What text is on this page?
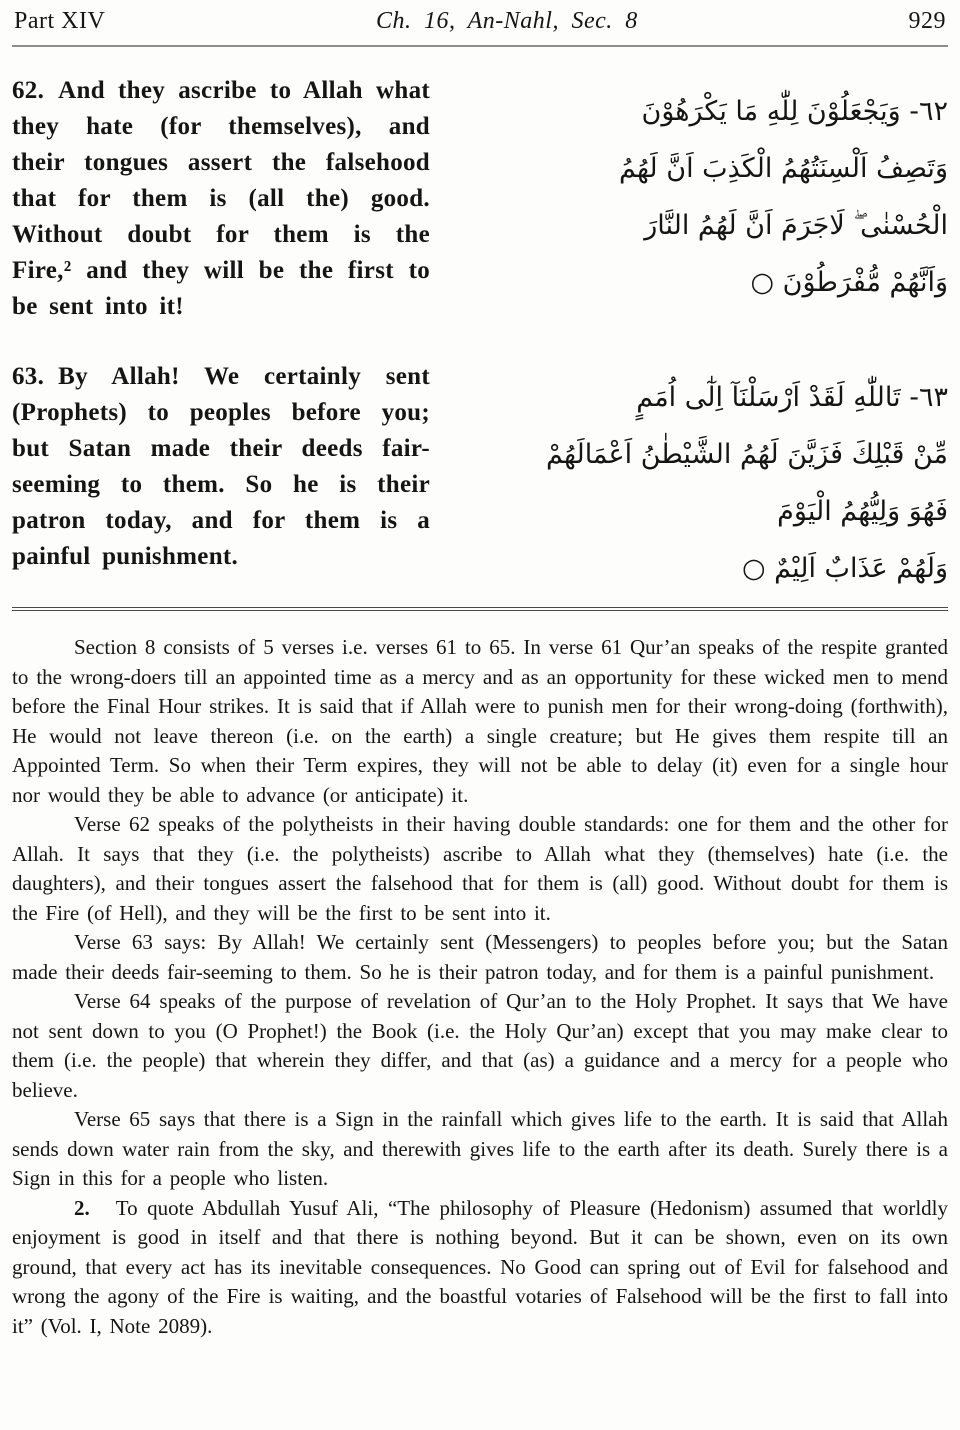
Part XIV	Ch. 16, An-Nahl, Sec. 8	929

62. And they ascribe to Allah what they hate (for themselves), and their tongues assert the falsehood that for them is (all the) good. Without doubt for them is the Fire,² and they will be the first to be sent into it!

٦٢- وَيَجْعَلُوْنَ لِلّٰهِ مَا يَكْرَهُوْنَ
وَتَصِفُ اَلْسِنَتُهُمُ الْكَذِبَ اَنَّ لَهُمُ
الْحُسْنٰى ۖ لَاجَرَمَ اَنَّ لَهُمُ النَّارَ
وَاَنَّهُمْ مُّفْرَطُوْنَ ○

63. By Allah! We certainly sent (Prophets) to peoples before you; but Satan made their deeds fair-seeming to them. So he is their patron today, and for them is a painful punishment.

٦٣- تَاللّٰهِ لَقَدْ اَرْسَلْنَآ اِلٰٓى اُمَمٍ
مِّنْ قَبْلِكَ فَزَيَّنَ لَهُمُ الشَّيْطٰنُ اَعْمَالَهُمْ
فَهُوَ وَلِيُّهُمُ الْيَوْمَ
وَلَهُمْ عَذَابٌ اَلِيْمٌ ○

Section 8 consists of 5 verses i.e. verses 61 to 65. In verse 61 Qur’an speaks of the respite granted to the wrong-doers till an appointed time as a mercy and as an opportunity for these wicked men to mend before the Final Hour strikes. It is said that if Allah were to punish men for their wrong-doing (forthwith), He would not leave thereon (i.e. on the earth) a single creature; but He gives them respite till an Appointed Term. So when their Term expires, they will not be able to delay (it) even for a single hour nor would they be able to advance (or anticipate) it.

Verse 62 speaks of the polytheists in their having double standards: one for them and the other for Allah. It says that they (i.e. the polytheists) ascribe to Allah what they (themselves) hate (i.e. the daughters), and their tongues assert the falsehood that for them is (all) good. Without doubt for them is the Fire (of Hell), and they will be the first to be sent into it.

Verse 63 says: By Allah! We certainly sent (Messengers) to peoples before you; but the Satan made their deeds fair-seeming to them. So he is their patron today, and for them is a painful punishment.

Verse 64 speaks of the purpose of revelation of Qur’an to the Holy Prophet. It says that We have not sent down to you (O Prophet!) the Book (i.e. the Holy Qur’an) except that you may make clear to them (i.e. the people) that wherein they differ, and that (as) a guidance and a mercy for a people who believe.

Verse 65 says that there is a Sign in the rainfall which gives life to the earth. It is said that Allah sends down water rain from the sky, and therewith gives life to the earth after its death. Surely there is a Sign in this for a people who listen.

2. To quote Abdullah Yusuf Ali, “The philosophy of Pleasure (Hedonism) assumed that worldly enjoyment is good in itself and that there is nothing beyond. But it can be shown, even on its own ground, that every act has its inevitable consequences. No Good can spring out of Evil for falsehood and wrong the agony of the Fire is waiting, and the boastful votaries of Falsehood will be the first to fall into it” (Vol. I, Note 2089).
